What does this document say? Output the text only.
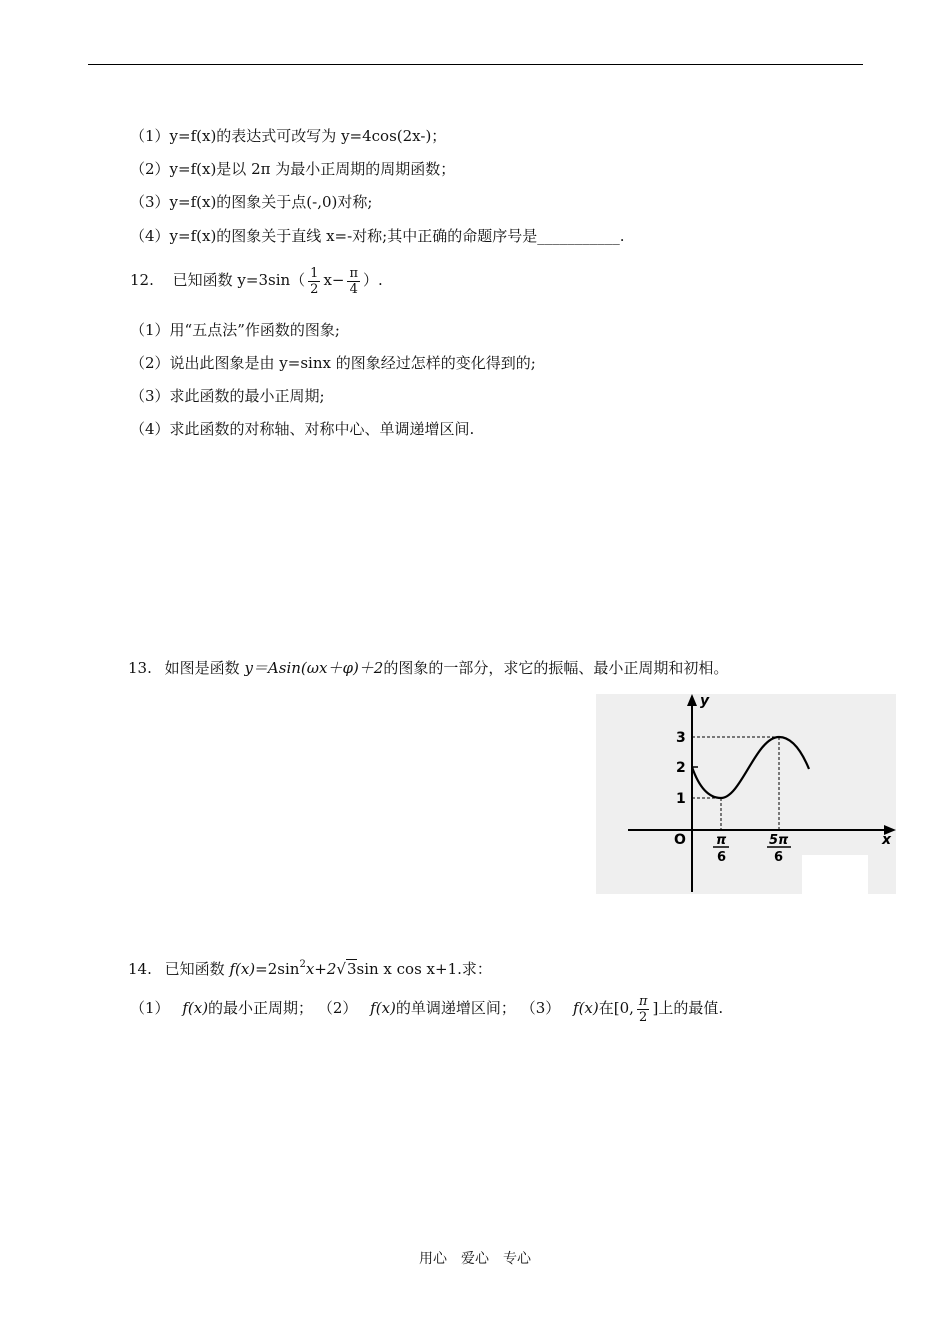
（1）y=f(x)的表达式可改写为 y=4cos(2x-)；
（2）y=f(x)是以 2π 为最小正周期的周期函数；
（3）y=f(x)的图象关于点(-,0)对称;
（4）y=f(x)的图象关于直线 x=-对称;其中正确的命题序号是___________.
12. 已知函数 $y=3\sin( \frac{1}{2} x- \frac{\pi}{4}$ ）.
（1）用“五点法”作函数的图象;
（2）说出此图象是由 y=sinx 的图象经过怎样的变化得到的;
（3）求此函数的最小正周期;
（4）求此函数的对称轴、对称中心、单调递增区间.
13. 如图是函数 y＝Asin(ωx＋φ)＋2的图象的一部分，求它的振幅、最小正周期和初相。
y
x
O
3
2
1
π
6
5π
6
14. 已知函数 $f(x)=2\sin^2x+2√3\sin$ x cos x+1.求：
（1） f(x)的最小正周期； （2） f(x)的单调递增区间； （3） f(x)在[0, $\frac{\pi}{2}$ ]上的最值.
用心　爱心　专心
